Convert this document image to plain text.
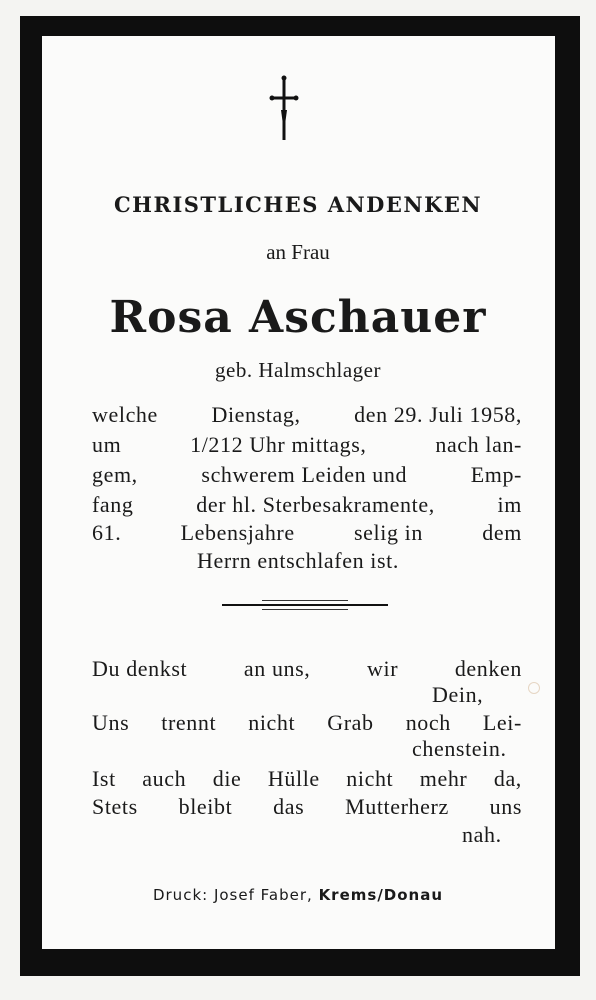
CHRISTLICHES ANDENKEN
an Frau
Rosa Aschauer
geb. Halmschlager
welche Dienstag, den 29. Juli 1958,
um	1/212 Uhr mittags,	nach lan-
gem,	schwerem Leiden und	Emp-
fang	der hl. Sterbesakramente,	im
61.	Lebensjahre	selig in	dem
Herrn entschlafen ist.
Du denkst	an uns,	wir	denken
Dein,
Uns trennt nicht Grab noch Lei-
chenstein.
Ist auch die Hülle nicht mehr da,
Stets bleibt das Mutterherz uns
nah.
Druck: Josef Faber, Krems/Donau
